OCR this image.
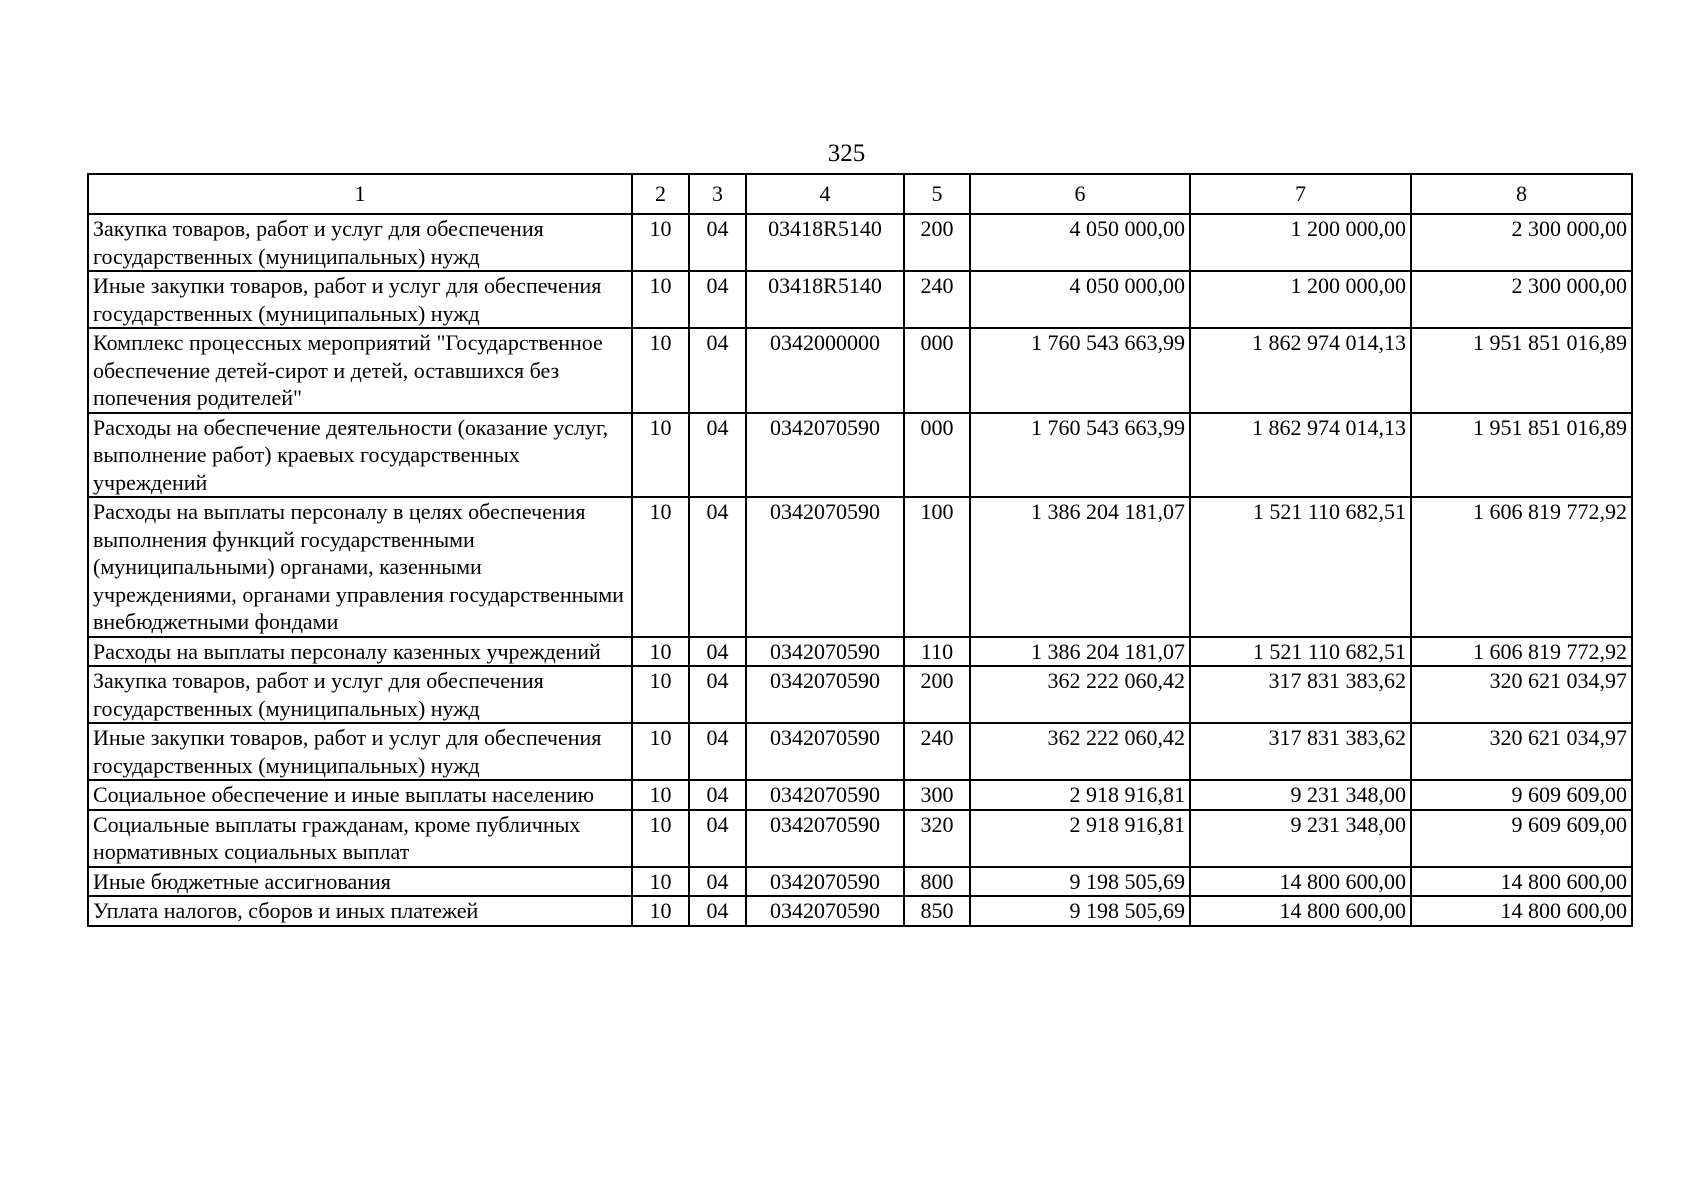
325
1	2	3	4	5	6	7	8
Закупка товаров, работ и услуг для обеспечения государственных (муниципальных) нужд	10	04	03418R5140	200	4 050 000,00	1 200 000,00	2 300 000,00
Иные закупки товаров, работ и услуг для обеспечения государственных (муниципальных) нужд	10	04	03418R5140	240	4 050 000,00	1 200 000,00	2 300 000,00
Комплекс процессных мероприятий "Государственное обеспечение детей-сирот и детей, оставшихся без попечения родителей"	10	04	0342000000	000	1 760 543 663,99	1 862 974 014,13	1 951 851 016,89
Расходы на обеспечение деятельности (оказание услуг, выполнение работ) краевых государственных учреждений	10	04	0342070590	000	1 760 543 663,99	1 862 974 014,13	1 951 851 016,89
Расходы на выплаты персоналу в целях обеспечения выполнения функций государственными (муниципальными) органами, казенными учреждениями, органами управления государственными внебюджетными фондами	10	04	0342070590	100	1 386 204 181,07	1 521 110 682,51	1 606 819 772,92
Расходы на выплаты персоналу казенных учреждений	10	04	0342070590	110	1 386 204 181,07	1 521 110 682,51	1 606 819 772,92
Закупка товаров, работ и услуг для обеспечения государственных (муниципальных) нужд	10	04	0342070590	200	362 222 060,42	317 831 383,62	320 621 034,97
Иные закупки товаров, работ и услуг для обеспечения государственных (муниципальных) нужд	10	04	0342070590	240	362 222 060,42	317 831 383,62	320 621 034,97
Социальное обеспечение и иные выплаты населению	10	04	0342070590	300	2 918 916,81	9 231 348,00	9 609 609,00
Социальные выплаты гражданам, кроме публичных нормативных социальных выплат	10	04	0342070590	320	2 918 916,81	9 231 348,00	9 609 609,00
Иные бюджетные ассигнования	10	04	0342070590	800	9 198 505,69	14 800 600,00	14 800 600,00
Уплата налогов, сборов и иных платежей	10	04	0342070590	850	9 198 505,69	14 800 600,00	14 800 600,00
